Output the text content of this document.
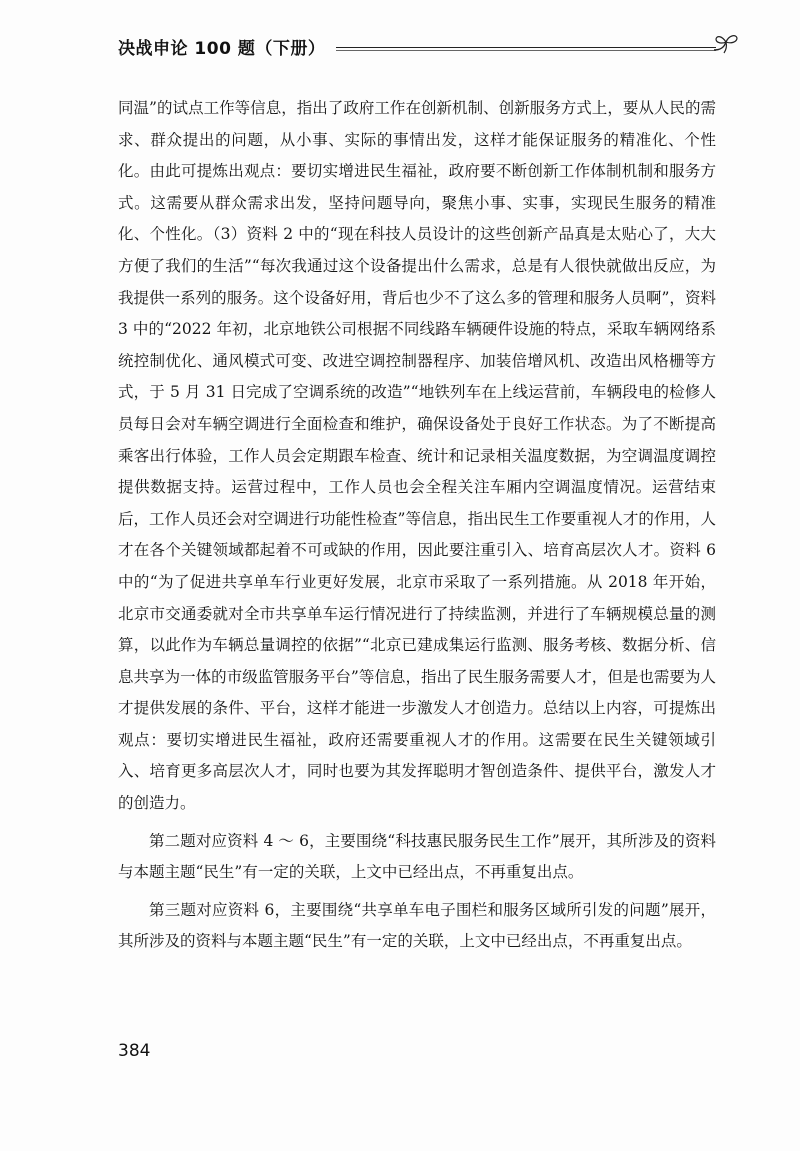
决战申论 100 题（下册）

同温”的试点工作等信息，指出了政府工作在创新机制、创新服务方式上，要从人民的需求、群众提出的问题，从小事、实际的事情出发，这样才能保证服务的精准化、个性化。由此可提炼出观点：要切实增进民生福祉，政府要不断创新工作体制机制和服务方式。这需要从群众需求出发，坚持问题导向，聚焦小事、实事，实现民生服务的精准化、个性化。（3）资料 2 中的“现在科技人员设计的这些创新产品真是太贴心了，大大方便了我们的生活”“每次我通过这个设备提出什么需求，总是有人很快就做出反应，为我提供一系列的服务。这个设备好用，背后也少不了这么多的管理和服务人员啊”，资料 3 中的“2022 年初，北京地铁公司根据不同线路车辆硬件设施的特点，采取车辆网络系统控制优化、通风模式可变、改进空调控制器程序、加装倍增风机、改造出风格栅等方式，于 5 月 31 日完成了空调系统的改造”“地铁列车在上线运营前，车辆段电的检修人员每日会对车辆空调进行全面检查和维护，确保设备处于良好工作状态。为了不断提高乘客出行体验，工作人员会定期跟车检查、统计和记录相关温度数据，为空调温度调控提供数据支持。运营过程中，工作人员也会全程关注车厢内空调温度情况。运营结束后，工作人员还会对空调进行功能性检查”等信息，指出民生工作要重视人才的作用，人才在各个关键领域都起着不可或缺的作用，因此要注重引入、培育高层次人才。资料 6 中的“为了促进共享单车行业更好发展，北京市采取了一系列措施。从 2018 年开始，北京市交通委就对全市共享单车运行情况进行了持续监测，并进行了车辆规模总量的测算，以此作为车辆总量调控的依据”“北京已建成集运行监测、服务考核、数据分析、信息共享为一体的市级监管服务平台”等信息，指出了民生服务需要人才，但是也需要为人才提供发展的条件、平台，这样才能进一步激发人才创造力。总结以上内容，可提炼出观点：要切实增进民生福祉，政府还需要重视人才的作用。这需要在民生关键领域引入、培育更多高层次人才，同时也要为其发挥聪明才智创造条件、提供平台，激发人才的创造力。

第二题对应资料 4 ～ 6，主要围绕“科技惠民服务民生工作”展开，其所涉及的资料与本题主题“民生”有一定的关联，上文中已经出点，不再重复出点。

第三题对应资料 6，主要围绕“共享单车电子围栏和服务区域所引发的问题”展开，其所涉及的资料与本题主题“民生”有一定的关联，上文中已经出点，不再重复出点。

384
